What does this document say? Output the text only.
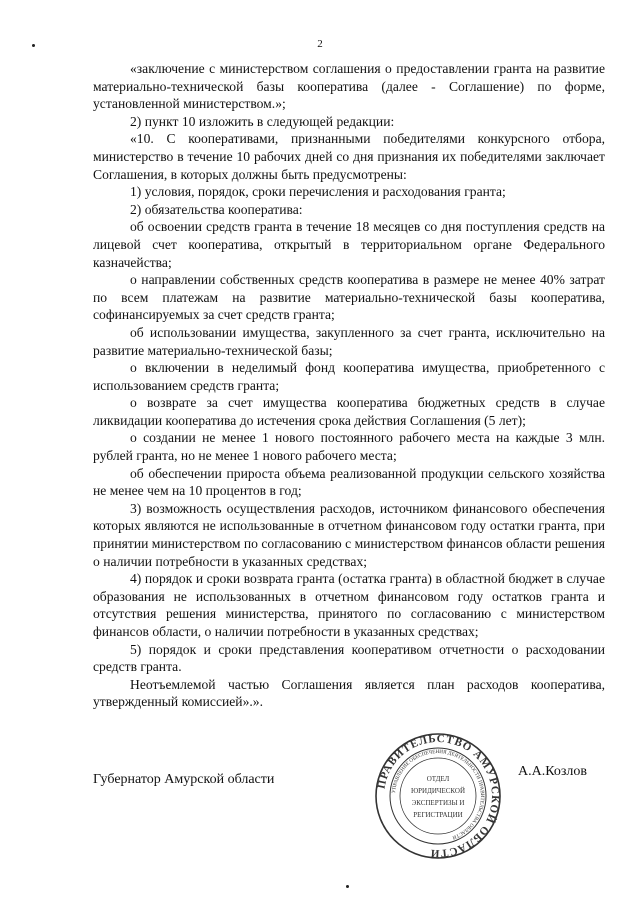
2

«заключение с министерством соглашения о предоставлении гранта на развитие материально-технической базы кооператива (далее - Соглашение) по форме, установленной министерством.»;

2) пункт 10 изложить в следующей редакции:

«10. С кооперативами, признанными победителями конкурсного отбора, министерство в течение 10 рабочих дней со дня признания их победителями заключает Соглашения, в которых должны быть предусмотрены:

1) условия, порядок, сроки перечисления и расходования гранта;

2) обязательства кооператива:

об освоении средств гранта в течение 18 месяцев со дня поступления средств на лицевой счет кооператива, открытый в территориальном органе Федерального казначейства;

о направлении собственных средств кооператива в размере не менее 40% затрат по всем платежам на развитие материально-технической базы кооператива, софинансируемых за счет средств гранта;

об использовании имущества, закупленного за счет гранта, исключительно на развитие материально-технической базы;

о включении в неделимый фонд кооператива имущества, приобретенного с использованием средств гранта;

о возврате за счет имущества кооператива бюджетных средств в случае ликвидации кооператива до истечения срока действия Соглашения (5 лет);

о создании не менее 1 нового постоянного рабочего места на каждые 3 млн. рублей гранта, но не менее 1 нового рабочего места;

об обеспечении прироста объема реализованной продукции сельского хозяйства не менее чем на 10 процентов в год;

3) возможность осуществления расходов, источником финансового обеспечения которых являются не использованные в отчетном финансовом году остатки гранта, при принятии министерством по согласованию с министерством финансов области решения о наличии потребности в указанных средствах;

4) порядок и сроки возврата гранта (остатка гранта) в областной бюджет в случае образования не использованных в отчетном финансовом году остатков гранта и отсутствия решения министерства, принятого по согласованию с министерством финансов области, о наличии потребности в указанных средствах;

5) порядок и сроки представления кооперативом отчетности о расходовании средств гранта.

Неотъемлемой частью Соглашения является план расходов кооператива, утвержденный комиссией».».

Губернатор Амурской области
А.А.Козлов
ПРАВИТЕЛЬСТВО АМУРСКОЙ ОБЛАСТИ
УПРАВЛЕНИЕ ОБЕСПЕЧЕНИЯ ДЕЯТЕЛЬНОСТИ ПРАВИТЕЛЬСТВА ОБЛАСТИ
ОТДЕЛ
ЮРИДИЧЕСКОЙ
ЭКСПЕРТИЗЫ И
РЕГИСТРАЦИИ
